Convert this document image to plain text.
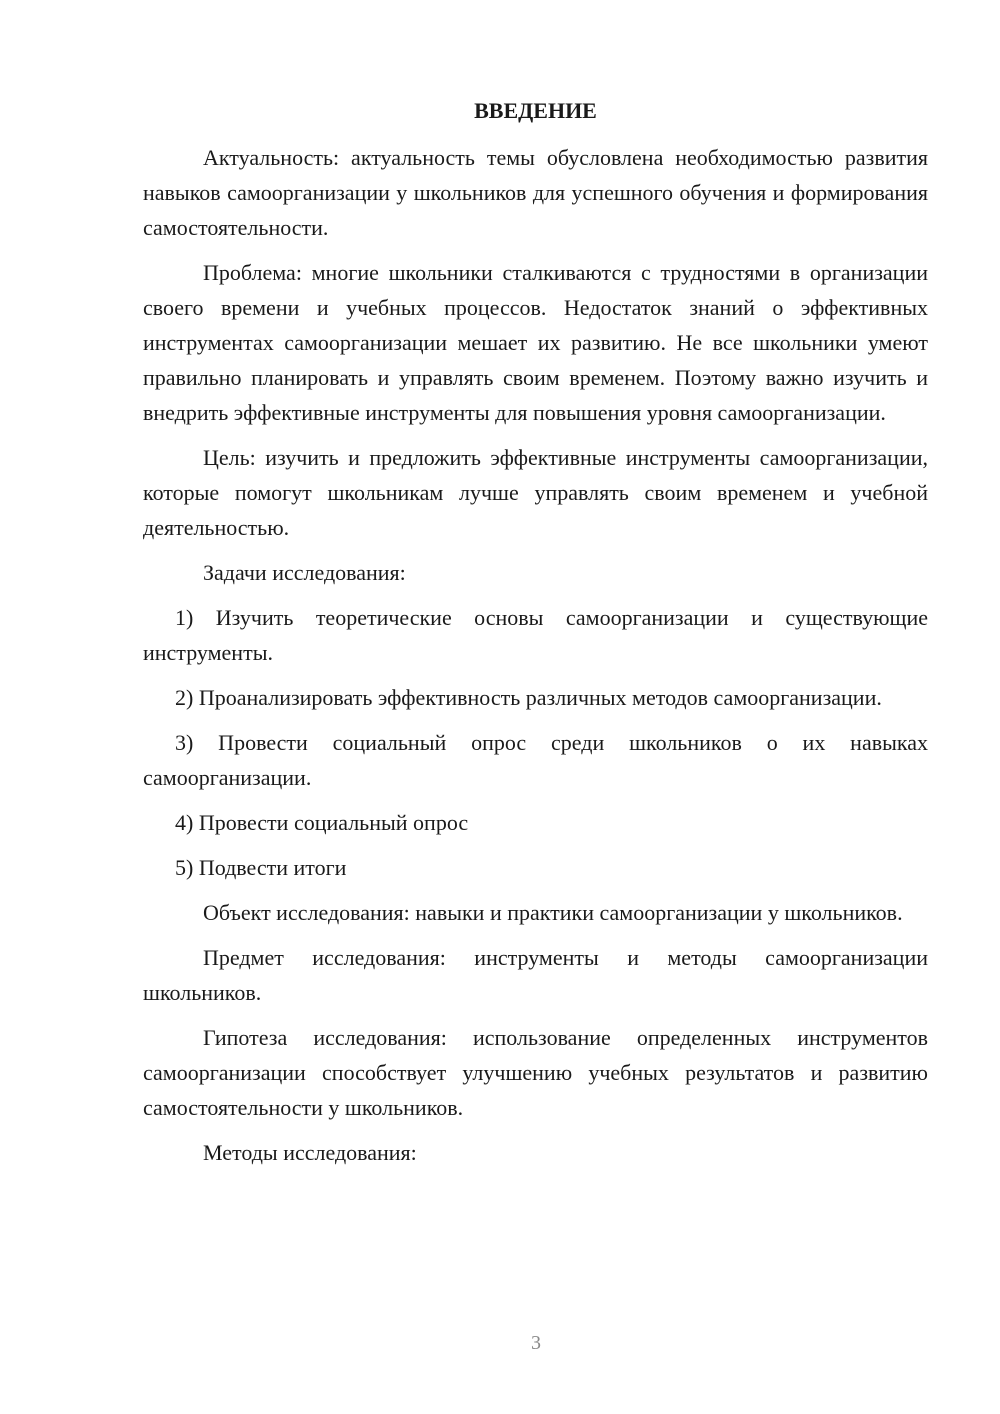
ВВЕДЕНИЕ

Актуальность: актуальность темы обусловлена необходимостью развития навыков самоорганизации у школьников для успешного обучения и формирования самостоятельности.

Проблема: многие школьники сталкиваются с трудностями в организации своего времени и учебных процессов. Недостаток знаний о эффективных инструментах самоорганизации мешает их развитию. Не все школьники умеют правильно планировать и управлять своим временем. Поэтому важно изучить и внедрить эффективные инструменты для повышения уровня самоорганизации.

Цель: изучить и предложить эффективные инструменты самоорганизации, которые помогут школьникам лучше управлять своим временем и учебной деятельностью.

Задачи исследования:

1) Изучить теоретические основы самоорганизации и существующие инструменты.

2) Проанализировать эффективность различных методов самоорганизации.

3) Провести социальный опрос среди школьников о их навыках самоорганизации.

4) Провести социальный опрос

5) Подвести итоги

Объект исследования: навыки и практики самоорганизации у школьников.

Предмет исследования: инструменты и методы самоорганизации школьников.

Гипотеза исследования: использование определенных инструментов самоорганизации способствует улучшению учебных результатов и развитию самостоятельности у школьников.

Методы исследования:

3
